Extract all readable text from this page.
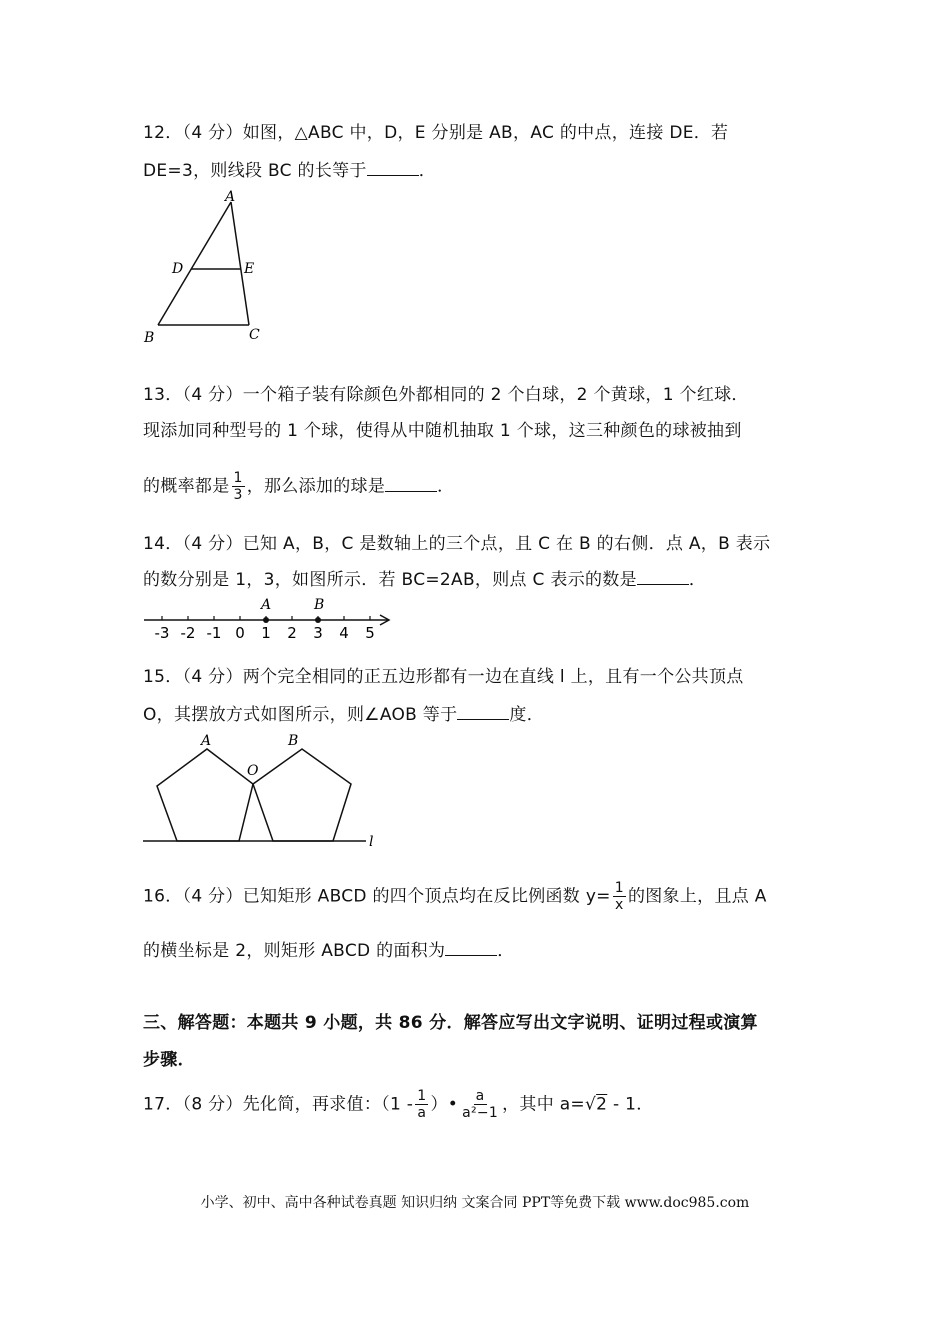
12．（4 分）如图，△ABC 中，D，E 分别是 AB，AC 的中点，连接 DE．若
DE=3，则线段 BC 的长等于	．
A
D	E
B	C
13．（4 分）一个箱子装有除颜色外都相同的 2 个白球，2 个黄球，1 个红球．
现添加同种型号的 1 个球，使得从中随机抽取 1 个球，这三种颜色的球被抽到
的概率都是 $\frac{1}{3}$ ，那么添加的球是	．
14．（4 分）已知 A，B，C 是数轴上的三个点，且 C 在 B 的右侧．点 A，B 表示
的数分别是 1，3，如图所示．若 BC=2AB，则点 C 表示的数是	．
-3 -2 -1 0 1 2 3 4 5
A	B
15．（4 分）两个完全相同的正五边形都有一边在直线 l 上，且有一个公共顶点
O，其摆放方式如图所示，则∠AOB 等于	度．
A	B
O
l
16．（4 分）已知矩形 ABCD 的四个顶点均在反比例函数 $y= \frac{1}{x}$ 的图象上，且点 A
的横坐标是 2，则矩形 ABCD 的面积为	．
三、解答题：本题共 9 小题，共 86 分．解答应写出文字说明、证明过程或演算
步骤．
17．（8 分）先化简，再求值：（$1 - \frac{1}{a}$ ）• $\frac{a}{\text{a²−1}}$ ，其中 a=√2 - 1．
小学、初中、高中各种试卷真题 知识归纳 文案合同 PPT等免费下载 www.doc985.com
